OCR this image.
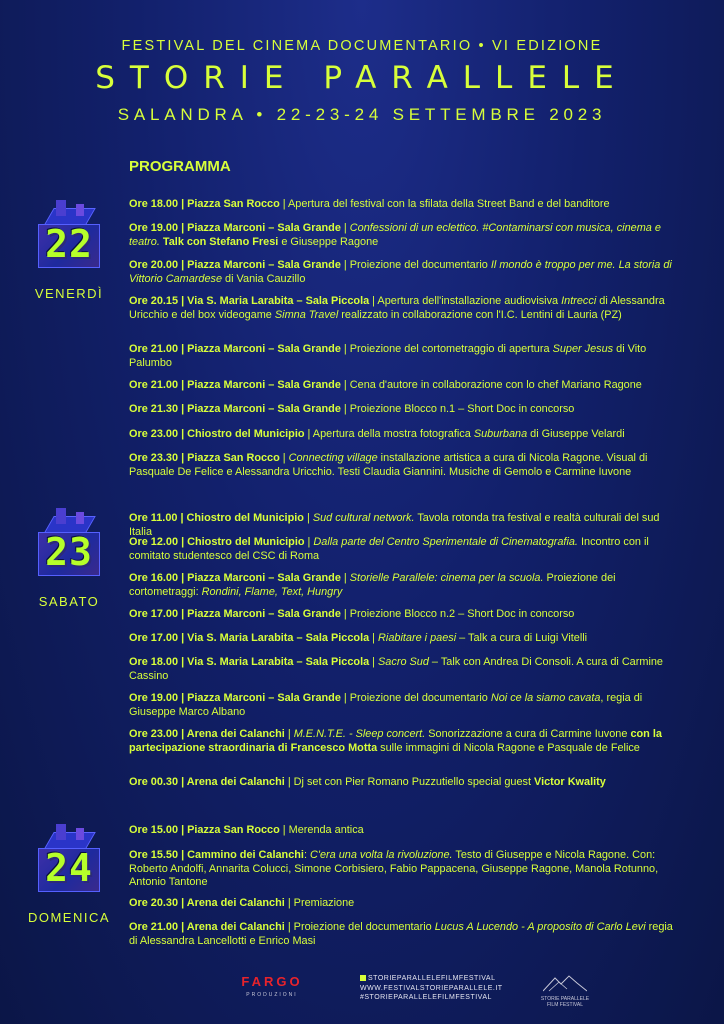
FESTIVAL DEL CINEMA DOCUMENTARIO • VI EDIZIONE
STORIE PARALLELE
SALANDRA • 22-23-24 SETTEMBRE 2023
PROGRAMMA
22
VENERDÌ
23
SABATO
24
DOMENICA
Ore 18.00 | Piazza San Rocco | Apertura del festival con la sfilata della Street Band e del banditore
Ore 19.00 | Piazza Marconi – Sala Grande | Confessioni di un eclettico. #Contaminarsi con musica, cinema e teatro. Talk con Stefano Fresi e Giuseppe Ragone
Ore 20.00 | Piazza Marconi – Sala Grande | Proiezione del documentario Il mondo è troppo per me. La storia di Vittorio Camardese di Vania Cauzillo
Ore 20.15 | Via S. Maria Larabita – Sala Piccola | Apertura dell'installazione audiovisiva Intrecci di Alessandra Uricchio e del box videogame Simna Travel realizzato in collaborazione con l'I.C. Lentini di Lauria (PZ)
Ore 21.00 | Piazza Marconi – Sala Grande | Proiezione del cortometraggio di apertura Super Jesus di Vito Palumbo
Ore 21.00 | Piazza Marconi – Sala Grande | Cena d'autore in collaborazione con lo chef Mariano Ragone
Ore 21.30 | Piazza Marconi – Sala Grande | Proiezione Blocco n.1 – Short Doc in concorso
Ore 23.00 | Chiostro del Municipio | Apertura della mostra fotografica Suburbana di Giuseppe Velardi
Ore 23.30 | Piazza San Rocco | Connecting village installazione artistica a cura di Nicola Ragone. Visual di Pasquale De Felice e Alessandra Uricchio. Testi Claudia Giannini. Musiche di Gemolo e Carmine Iuvone
Ore 11.00 | Chiostro del Municipio | Sud cultural network. Tavola rotonda tra festival e realtà culturali del sud Italia
Ore 12.00 | Chiostro del Municipio | Dalla parte del Centro Sperimentale di Cinematografia. Incontro con il comitato studentesco del CSC di Roma
Ore 16.00 | Piazza Marconi – Sala Grande | Storielle Parallele: cinema per la scuola. Proiezione dei cortometraggi: Rondini, Flame, Text, Hungry
Ore 17.00 | Piazza Marconi – Sala Grande | Proiezione Blocco n.2 – Short Doc in concorso
Ore 17.00 | Via S. Maria Larabita – Sala Piccola | Riabitare i paesi – Talk a cura di Luigi Vitelli
Ore 18.00 | Via S. Maria Larabita – Sala Piccola | Sacro Sud – Talk con Andrea Di Consoli. A cura di Carmine Cassino
Ore 19.00 | Piazza Marconi – Sala Grande | Proiezione del documentario Noi ce la siamo cavata, regia di Giuseppe Marco Albano
Ore 23.00 | Arena dei Calanchi | M.E.N.T.E. - Sleep concert. Sonorizzazione a cura di Carmine Iuvone con la partecipazione straordinaria di Francesco Motta sulle immagini di Nicola Ragone e Pasquale de Felice
Ore 00.30 | Arena dei Calanchi | Dj set con Pier Romano Puzzutiello special guest Victor Kwality
Ore 15.00 | Piazza San Rocco | Merenda antica
Ore 15.50 | Cammino dei Calanchi: C'era una volta la rivoluzione. Testo di Giuseppe e Nicola Ragone. Con: Roberto Andolfi, Annarita Colucci, Simone Corbisiero, Fabio Pappacena, Giuseppe Ragone, Manola Rotunno, Antonio Tantone
Ore 20.30 | Arena dei Calanchi | Premiazione
Ore 21.00 | Arena dei Calanchi | Proiezione del documentario Lucus A Lucendo - A proposito di Carlo Levi regia di Alessandra Lancellotti e Enrico Masi
FARGO
PRODUZIONI
STORIEPARALLELEFILMFESTIVAL
WWW.FESTIVALSTORIEPARALLELE.IT
#STORIEPARALLELEFILMFESTIVAL	STORIE PARALLELE
FILM FESTIVAL
